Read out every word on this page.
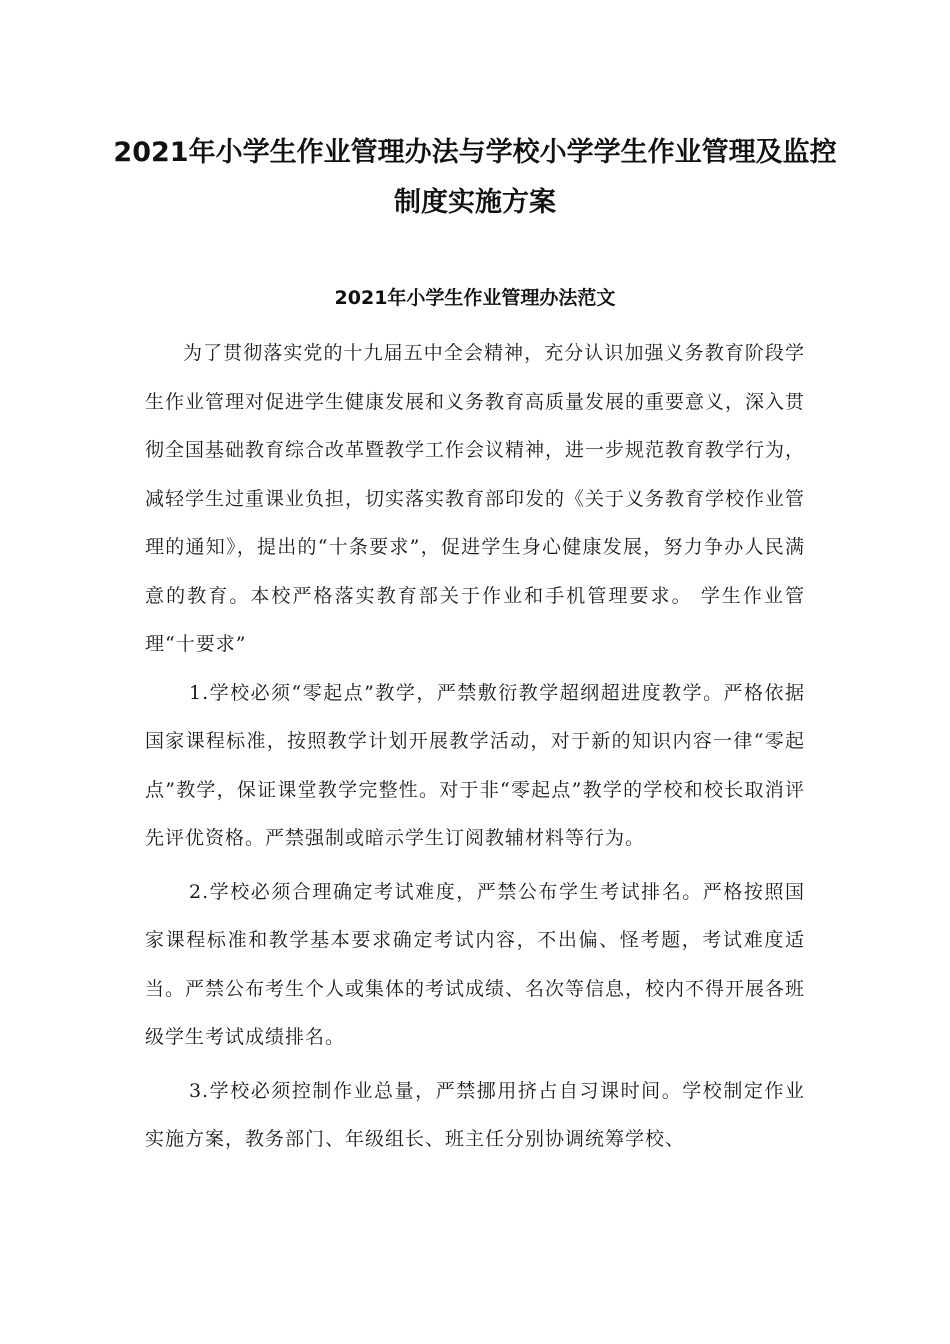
2021年小学生作业管理办法与学校小学学生作业管理及监控制度实施方案
2021年小学生作业管理办法范文

为了贯彻落实党的十九届五中全会精神，充分认识加强义务教育阶段学生作业管理对促进学生健康发展和义务教育高质量发展的重要意义，深入贯彻全国基础教育综合改革暨教学工作会议精神，进一步规范教育教学行为，减轻学生过重课业负担，切实落实教育部印发的《关于义务教育学校作业管理的通知》，提出的“十条要求”，促进学生身心健康发展，努力争办人民满意的教育。本校严格落实教育部关于作业和手机管理要求。 学生作业管理“十要求”

1.学校必须“零起点”教学，严禁敷衍教学超纲超进度教学。严格依据国家课程标准，按照教学计划开展教学活动，对于新的知识内容一律“零起点”教学，保证课堂教学完整性。对于非“零起点”教学的学校和校长取消评先评优资格。严禁强制或暗示学生订阅教辅材料等行为。

2.学校必须合理确定考试难度，严禁公布学生考试排名。严格按照国家课程标准和教学基本要求确定考试内容，不出偏、怪考题，考试难度适当。严禁公布考生个人或集体的考试成绩、名次等信息，校内不得开展各班级学生考试成绩排名。

3.学校必须控制作业总量，严禁挪用挤占自习课时间。学校制定作业实施方案，教务部门、年级组长、班主任分别协调统筹学校、
